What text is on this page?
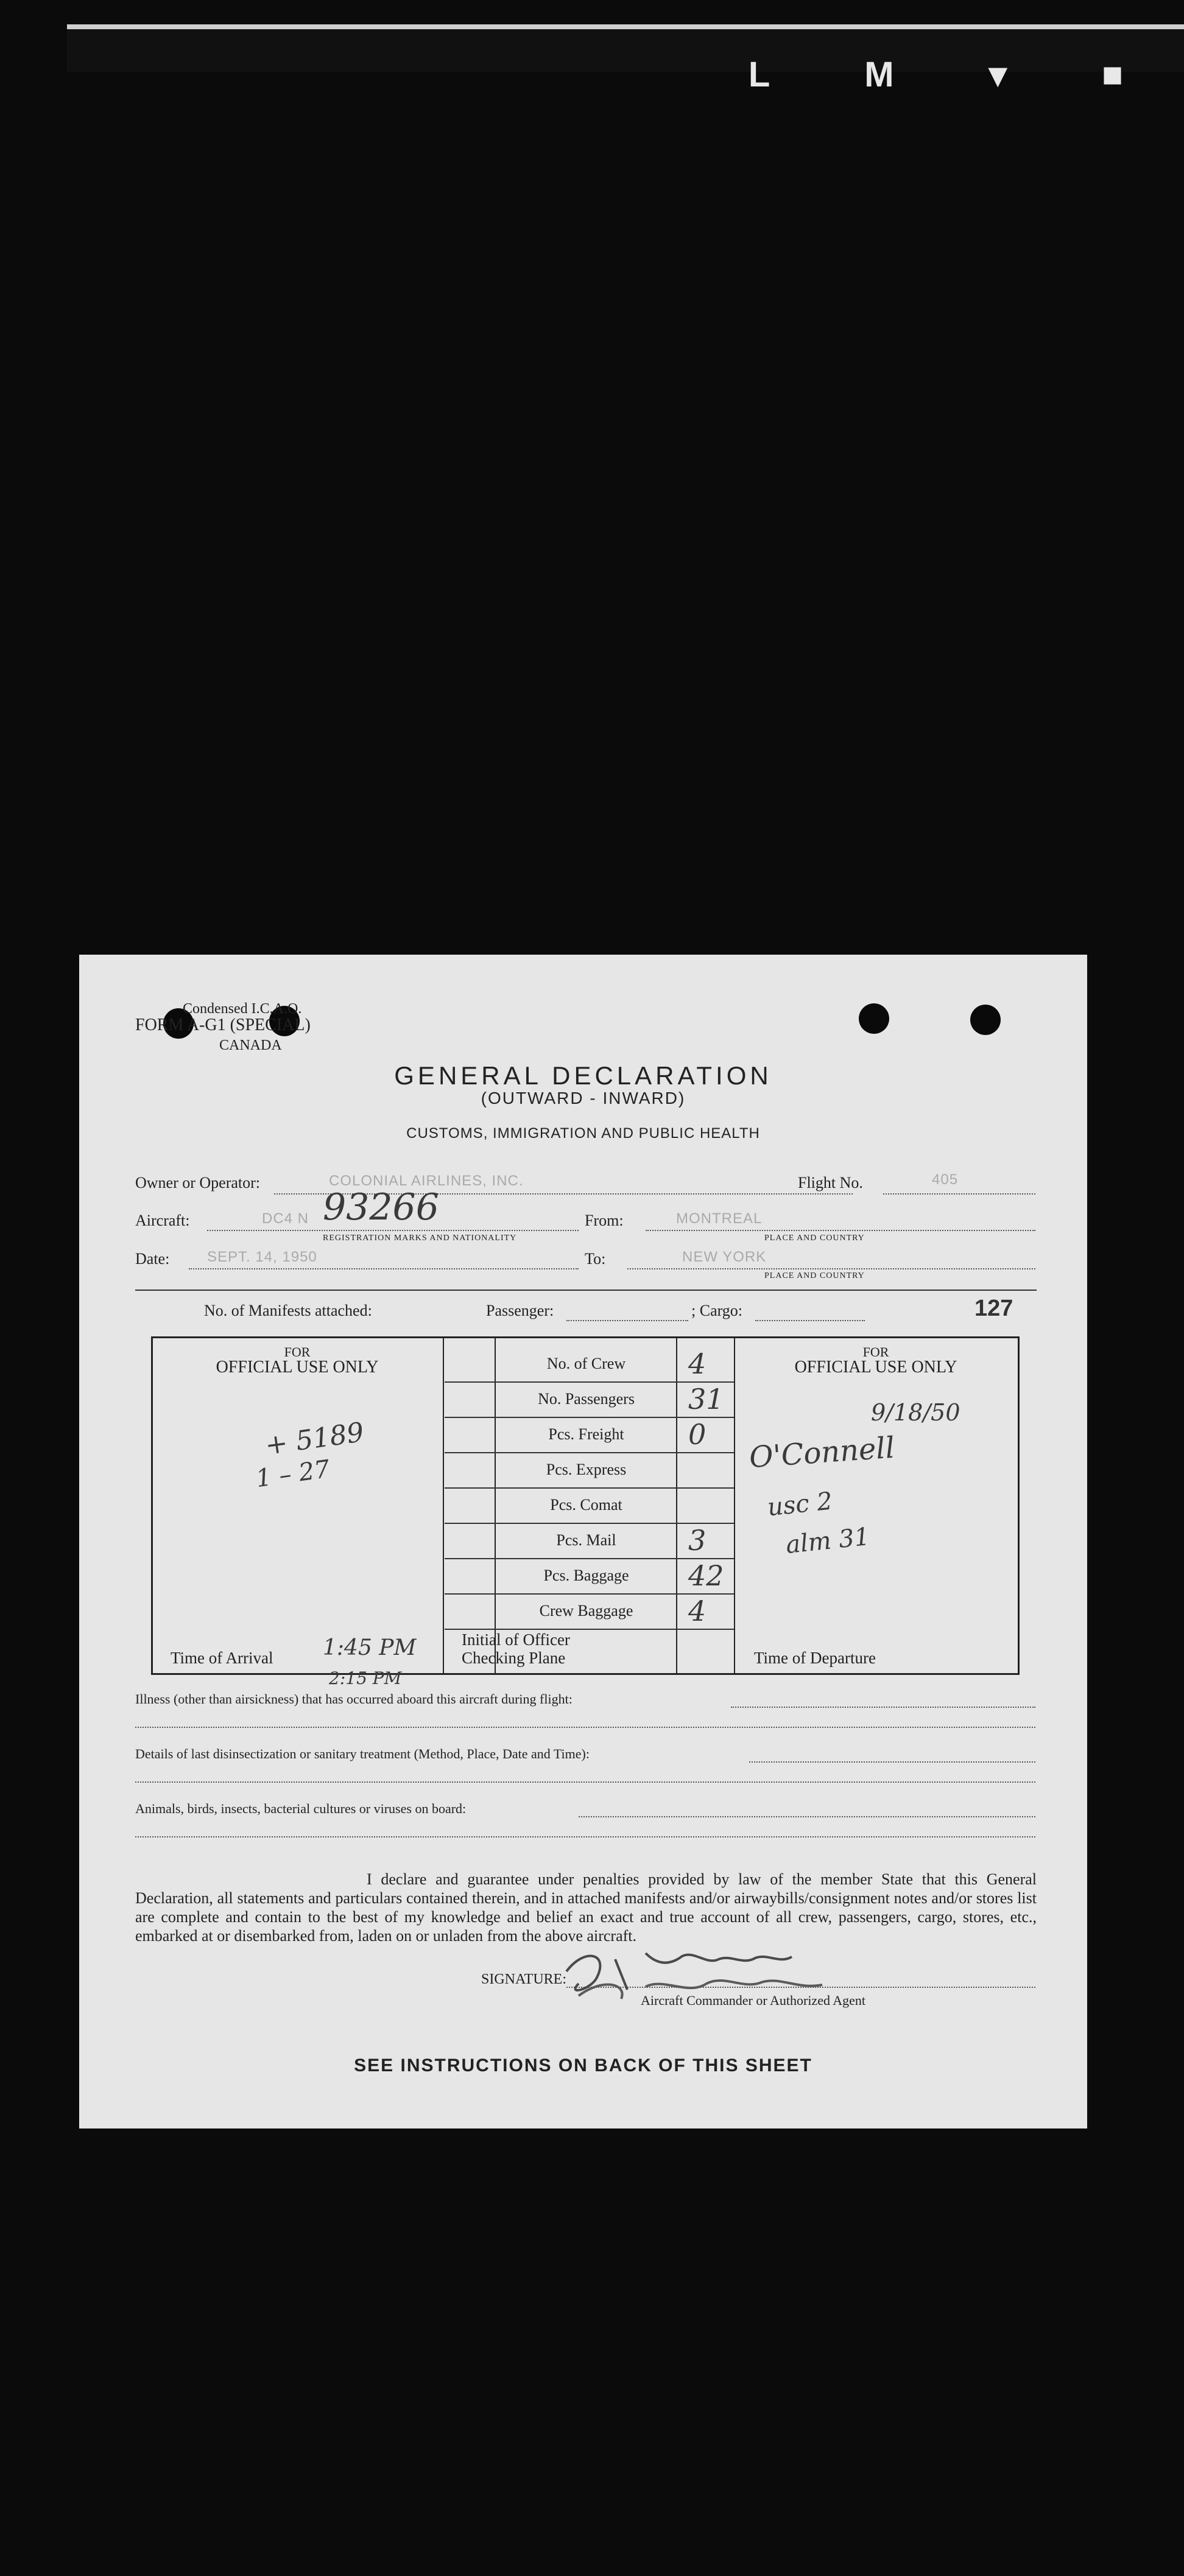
L M ▾ ■
Condensed I.C.A.O.
FORM A-G1 (SPECIAL)
CANADA
GENERAL DECLARATION
(OUTWARD - INWARD)
CUSTOMS, IMMIGRATION AND PUBLIC HEALTH
Owner or Operator:	COLONIAL AIRLINES, INC.	Flight No.	405
Aircraft:	DC4 N 93266
REGISTRATION MARKS AND NATIONALITY
From:	MONTREAL
PLACE AND COUNTRY
Date:	SEPT. 14, 1950	To:	NEW YORK
PLACE AND COUNTRY
No. of Manifests attached:	Passenger:	; Cargo:	127
FOR
OFFICIAL USE ONLY
FOR
OFFICIAL USE ONLY
No. of Crew	4
No. Passengers	31
Pcs. Freight	0
Pcs. Express
Pcs. Comat
Pcs. Mail	3
Pcs. Baggage	42
Crew Baggage	4
+ 5189
1 – 27
9/18/50
O'Connell
usc 2
alm 31
Time of Arrival 1:45 PM
2:15 PM
Initial of Officer
Checking Plane	Time of Departure
Illness (other than airsickness) that has occurred aboard this aircraft during flight:
Details of last disinsectization or sanitary treatment (Method, Place, Date and Time):
Animals, birds, insects, bacterial cultures or viruses on board:
I declare and guarantee under penalties provided by law of the member State that this General Declaration, all statements and particulars contained therein, and in attached manifests and/or airwaybills/consignment notes and/or stores list are complete and contain to the best of my knowledge and belief an exact and true account of all crew, passengers, cargo, stores, etc., embarked at or disembarked from, laden on or unladen from the above aircraft.
SIGNATURE:
Aircraft Commander or Authorized Agent
SEE INSTRUCTIONS ON BACK OF THIS SHEET
